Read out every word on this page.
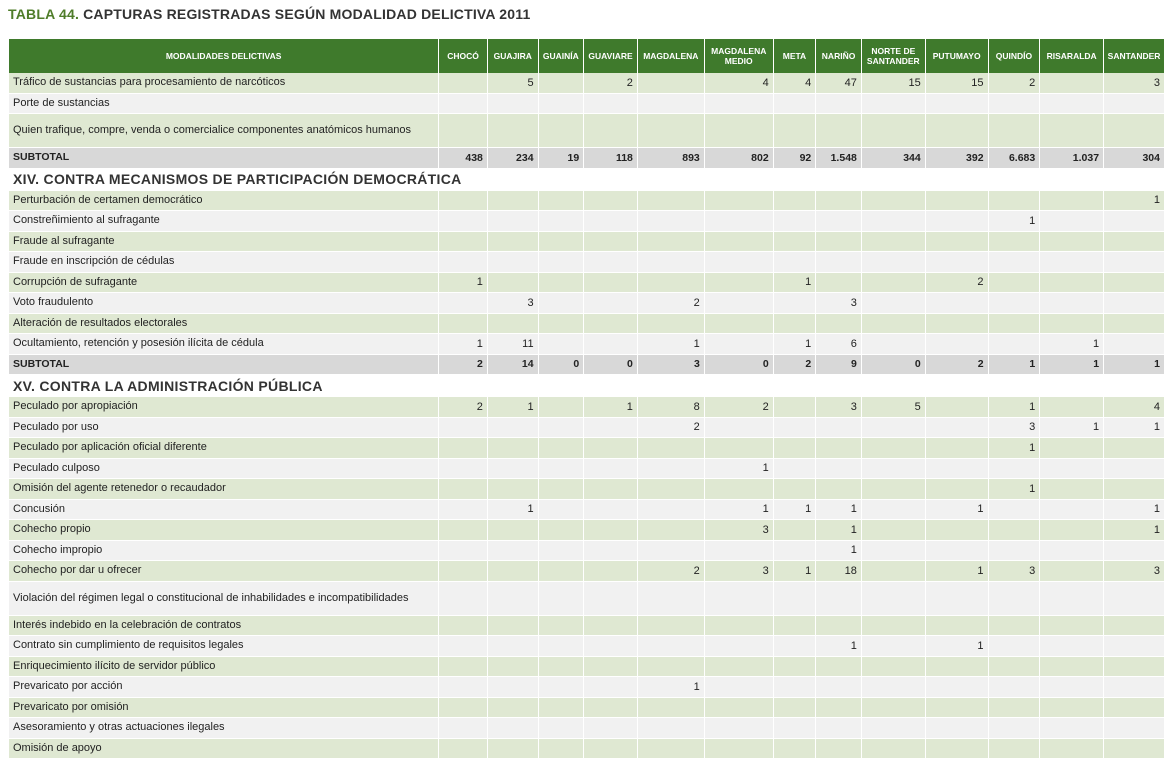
TABLA 44. CAPTURAS REGISTRADAS SEGÚN MODALIDAD DELICTIVA 2011
MODALIDADES DELICTIVAS	CHOCÓ	GUAJIRA	GUAINÍA	GUAVIARE	MAGDALENA	MAGDALENA MEDIO	META	NARIÑO	NORTE DE SANTANDER	PUTUMAYO	QUINDÍO	RISARALDA	SANTANDER
Tráfico de sustancias para procesamiento de narcóticos		5		2		4	4	47	15	15	2		3
Porte de sustancias													
Quien trafique, compre, venda o comercialice componentes anatómicos humanos													
SUBTOTAL	438	234	19	118	893	802	92	1.548	344	392	6.683	1.037	304
XIV. CONTRA MECANISMOS DE PARTICIPACIÓN DEMOCRÁTICA													
Perturbación de certamen democrático													1
Constreñimiento al sufragante											1		
Fraude al sufragante													
Fraude en inscripción de cédulas													
Corrupción de sufragante	1						1			2			
Voto fraudulento		3			2			3					
Alteración de resultados electorales													
Ocultamiento, retención y posesión ilícita de cédula	1	11			1		1	6				1	
SUBTOTAL	2	14	0	0	3	0	2	9	0	2	1	1	1
XV. CONTRA LA ADMINISTRACIÓN PÚBLICA													
Peculado por apropiación	2	1		1	8	2		3	5		1		4
Peculado por uso					2						3	1	1
Peculado por aplicación oficial diferente											1		
Peculado culposo						1							
Omisión del agente retenedor o recaudador											1		
Concusión		1				1	1	1		1			1
Cohecho propio						3		1					1
Cohecho impropio								1					
Cohecho por dar u ofrecer					2	3	1	18		1	3		3
Violación del régimen legal o constitucional de inhabilidades e incompatibilidades													
Interés indebido en la celebración de contratos													
Contrato sin cumplimiento de requisitos legales								1		1			
Enriquecimiento ilícito de servidor público													
Prevaricato por acción					1								
Prevaricato por omisión													
Asesoramiento y otras actuaciones ilegales													
Omisión de apoyo													
